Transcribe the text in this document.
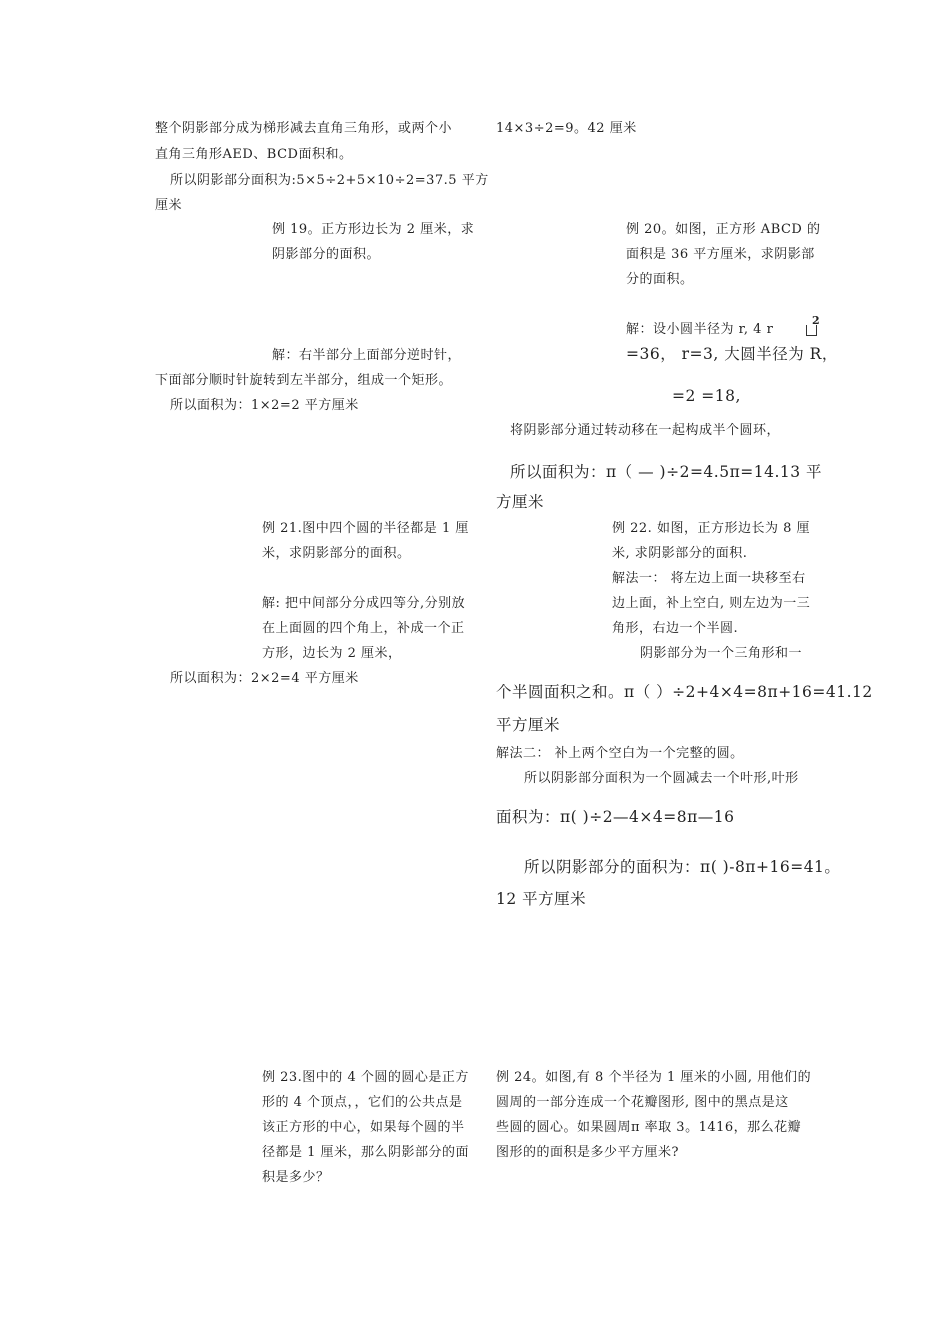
整个阴影部分成为梯形减去直角三角形，或两个小
直角三角形AED、BCD面积和。
所以阴影部分面积为:5×5÷2+5×10÷2=37.5 平方
厘米
例 19。正方形边长为 2 厘米，求
阴影部分的面积。
解：右半部分上面部分逆时针，
下面部分顺时针旋转到左半部分，组成一个矩形。
所以面积为：1×2=2 平方厘米
例 21.图中四个圆的半径都是 1 厘
米，求阴影部分的面积。
解: 把中间部分分成四等分,分别放
在上面圆的四个角上，补成一个正
方形，边长为 2 厘米，
所以面积为：2×2=4 平方厘米
例 23.图中的 4 个圆的圆心是正方
形的 4 个顶点，，它们的公共点是
该正方形的中心，如果每个圆的半
径都是 1 厘米，那么阴影部分的面
积是多少？
14×3÷2=9。42 厘米
例 20。如图，正方形 ABCD 的
面积是 36 平方厘米，求阴影部
分的面积。
解：设小圆半径为 r, 4 r
2
=36， r=3, 大圆半径为 R，
=2 =18,
将阴影部分通过转动移在一起构成半个圆环，
所以面积为：π（ — )÷2=4.5π=14.13 平
方厘米
例 22. 如图，正方形边长为 8 厘
米, 求阴影部分的面积.
解法一： 将左边上面一块移至右
边上面，补上空白, 则左边为一三
角形，右边一个半圆.
阴影部分为一个三角形和一
个半圆面积之和。π（ ）÷2+4×4=8π+16=41.12
平方厘米
解法二： 补上两个空白为一个完整的圆。
所以阴影部分面积为一个圆减去一个叶形,叶形
面积为：π( )÷2—4×4=8π—16
所以阴影部分的面积为：π( )-8π+16=41。
12 平方厘米
例 24。如图,有 8 个半径为 1 厘米的小圆, 用他们的
圆周的一部分连成一个花瓣图形, 图中的黑点是这
些圆的圆心。如果圆周π 率取 3。1416，那么花瓣
图形的的面积是多少平方厘米?
